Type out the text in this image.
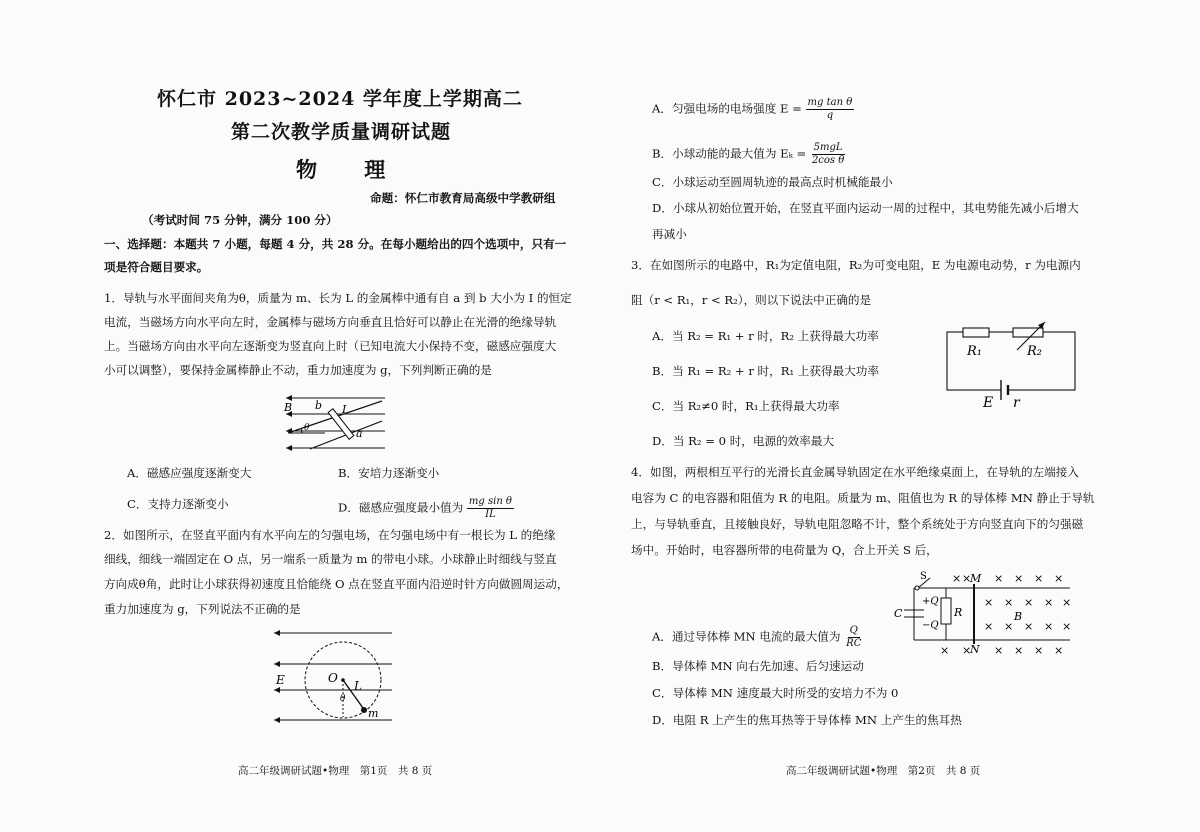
怀仁市 2023~2024 学年度上学期高二
第二次教学质量调研试题
物 理
命题：怀仁市教育局高级中学教研组
（考试时间 75 分钟，满分 100 分）
一、选择题：本题共 7 小题，每题 4 分，共 28 分。在每小题给出的四个选项中，只有一
项是符合题目要求。
1．导轨与水平面间夹角为θ，质量为 m、长为 L 的金属棒中通有自 a 到 b 大小为 I 的恒定
电流，当磁场方向水平向左时，金属棒与磁场方向垂直且恰好可以静止在光滑的绝缘导轨
上。当磁场方向由水平向左逐渐变为竖直向上时（已知电流大小保持不变，磁感应强度大
小可以调整），要保持金属棒静止不动，重力加速度为 g，下列判断正确的是
B b I
a
θ
A．磁感应强度逐渐变大	B．安培力逐渐变小
C．支持力逐渐变小	D．磁感应强度最小值为 $\frac{\text{mg sin θ}}{IL}$
2．如图所示，在竖直平面内有水平向左的匀强电场，在匀强电场中有一根长为 L 的绝缘
细线，细线一端固定在 O 点，另一端系一质量为 m 的带电小球。小球静止时细线与竖直
方向成θ角，此时让小球获得初速度且恰能绕 O 点在竖直平面内沿逆时针方向做圆周运动，
重力加速度为 g，下列说法不正确的是
E	O
L
θ
m
高二年级调研试题•物理　第1页　共 8 页
A．匀强电场的电场强度 $E = \frac{\text{mg tan θ}}{q}$
B．小球动能的最大值为 $E_k = \frac{\text{5mgL}}{\text{2cos θ}}$
C．小球运动至圆周轨迹的最高点时机械能最小
D．小球从初始位置开始，在竖直平面内运动一周的过程中，其电势能先减小后增大
再减小
3．在如图所示的电路中，R₁为定值电阻，R₂为可变电阻，E 为电源电动势，r 为电源内
阻（r < R₁，r < R₂），则以下说法中正确的是
A．当 R₂ = R₁ + r 时，R₂ 上获得最大功率
B．当 R₁ = R₂ + r 时，R₁ 上获得最大功率
C．当 R₂≠0 时，R₁上获得最大功率
D．当 R₂ = 0 时，电源的效率最大
R₁	R₂
E r
4．如图，两根相互平行的光滑长直金属导轨固定在水平绝缘桌面上，在导轨的左端接入
电容为 C 的电容器和阻值为 R 的电阻。质量为 m、阻值也为 R 的导体棒 MN 静止于导轨
上，与导轨垂直，且接触良好，导轨电阻忽略不计，整个系统处于方向竖直向下的匀强磁
场中。开始时，电容器所带的电荷量为 Q，合上开关 S 后，
S
C
+Q
−Q
R
M
N
B
× × × × × ×
× × × × ×
× × × × ×
× × × × × ×
A．通过导体棒 MN 电流的最大值为 $\frac{Q}{RC}$
B．导体棒 MN 向右先加速、后匀速运动
C．导体棒 MN 速度最大时所受的安培力不为 0
D．电阻 R 上产生的焦耳热等于导体棒 MN 上产生的焦耳热
高二年级调研试题•物理　第2页　共 8 页
